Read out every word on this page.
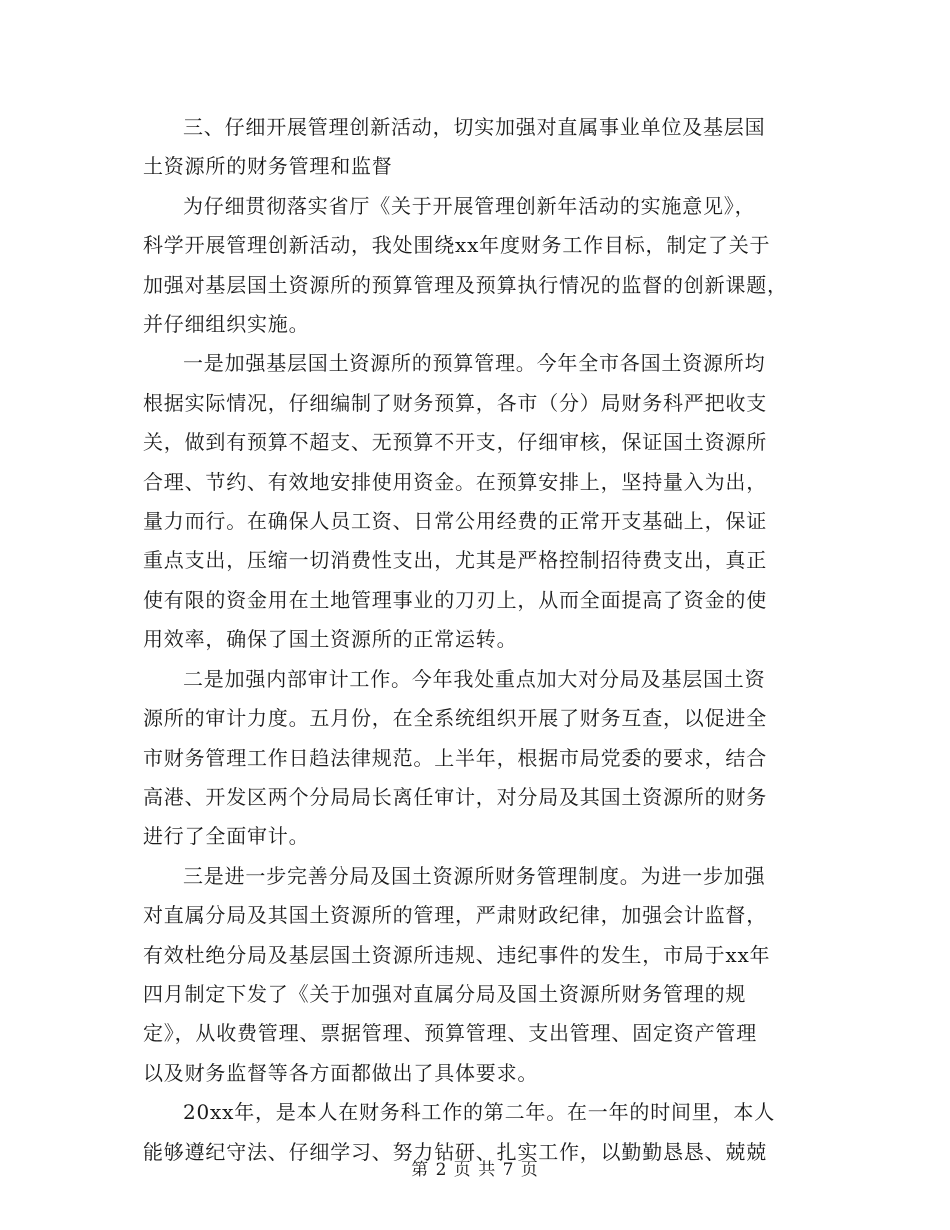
三、仔细开展管理创新活动，切实加强对直属事业单位及基层国
土资源所的财务管理和监督

为仔细贯彻落实省厅《关于开展管理创新年活动的实施意见》，
科学开展管理创新活动，我处围绕xx年度财务工作目标，制定了关于
加强对基层国土资源所的预算管理及预算执行情况的监督的创新课题，
并仔细组织实施。

一是加强基层国土资源所的预算管理。今年全市各国土资源所均
根据实际情况，仔细编制了财务预算，各市（分）局财务科严把收支
关，做到有预算不超支、无预算不开支，仔细审核，保证国土资源所
合理、节约、有效地安排使用资金。在预算安排上，坚持量入为出，
量力而行。在确保人员工资、日常公用经费的正常开支基础上，保证
重点支出，压缩一切消费性支出，尤其是严格控制招待费支出，真正
使有限的资金用在土地管理事业的刀刃上，从而全面提高了资金的使
用效率，确保了国土资源所的正常运转。

二是加强内部审计工作。今年我处重点加大对分局及基层国土资
源所的审计力度。五月份，在全系统组织开展了财务互查，以促进全
市财务管理工作日趋法律规范。上半年，根据市局党委的要求，结合
高港、开发区两个分局局长离任审计，对分局及其国土资源所的财务
进行了全面审计。

三是进一步完善分局及国土资源所财务管理制度。为进一步加强
对直属分局及其国土资源所的管理，严肃财政纪律，加强会计监督，
有效杜绝分局及基层国土资源所违规、违纪事件的发生，市局于xx年
四月制定下发了《关于加强对直属分局及国土资源所财务管理的规
定》，从收费管理、票据管理、预算管理、支出管理、固定资产管理
以及财务监督等各方面都做出了具体要求。

20xx年，是本人在财务科工作的第二年。在一年的时间里，本人
能够遵纪守法、仔细学习、努力钻研、扎实工作，以勤勤恳恳、兢兢

第 2 页 共 7 页
